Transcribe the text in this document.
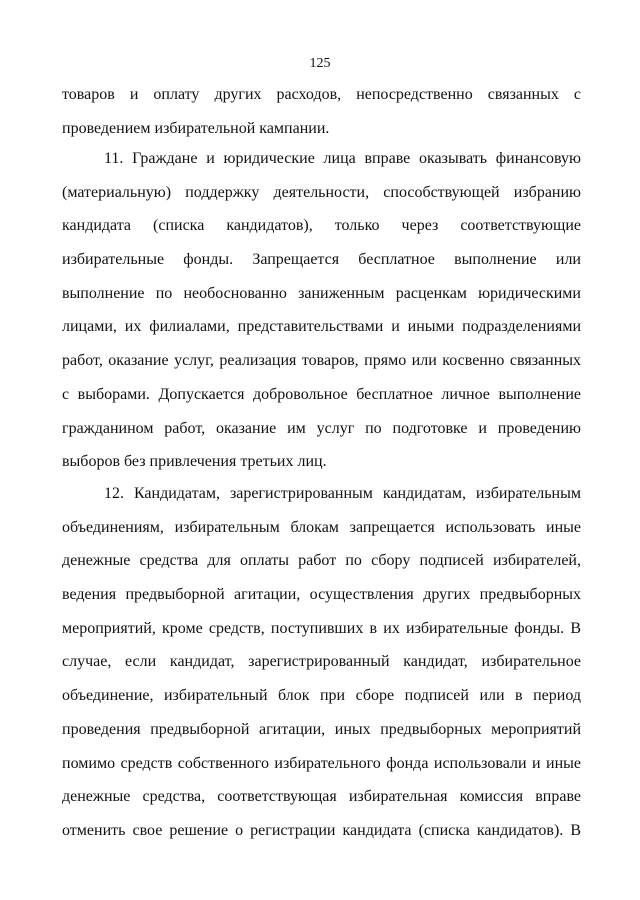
125
товаров и оплату других расходов, непосредственно связанных с
проведением избирательной кампании.
11. Граждане и юридические лица вправе оказывать финансовую
(материальную) поддержку деятельности, способствующей избранию
кандидата (списка кандидатов), только через соответствующие
избирательные фонды. Запрещается бесплатное выполнение или
выполнение по необоснованно заниженным расценкам юридическими
лицами, их филиалами, представительствами и иными подразделениями
работ, оказание услуг, реализация товаров, прямо или косвенно связанных
с выборами. Допускается добровольное бесплатное личное выполнение
гражданином работ, оказание им услуг по подготовке и проведению
выборов без привлечения третьих лиц.
12. Кандидатам, зарегистрированным кандидатам, избирательным
объединениям, избирательным блокам запрещается использовать иные
денежные средства для оплаты работ по сбору подписей избирателей,
ведения предвыборной агитации, осуществления других предвыборных
мероприятий, кроме средств, поступивших в их избирательные фонды. В
случае, если кандидат, зарегистрированный кандидат, избирательное
объединение, избирательный блок при сборе подписей или в период
проведения предвыборной агитации, иных предвыборных мероприятий
помимо средств собственного избирательного фонда использовали и иные
денежные средства, соответствующая избирательная комиссия вправе
отменить свое решение о регистрации кандидата (списка кандидатов). В
